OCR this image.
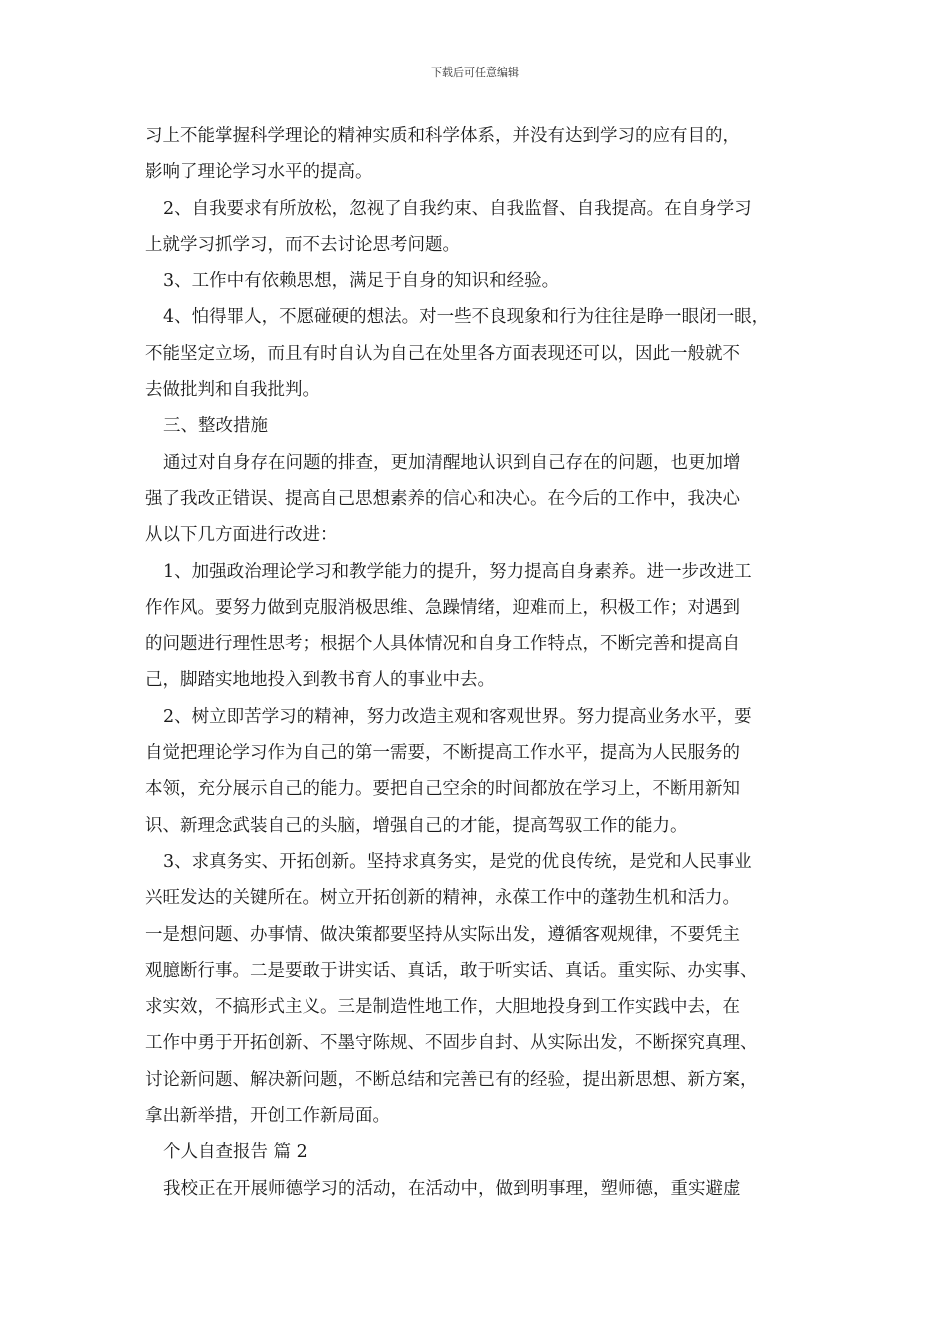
下载后可任意编辑
习上不能掌握科学理论的精神实质和科学体系，并没有达到学习的应有目的，
影响了理论学习水平的提高。
2、自我要求有所放松，忽视了自我约束、自我监督、自我提高。在自身学习
上就学习抓学习，而不去讨论思考问题。
3、工作中有依赖思想，满足于自身的知识和经验。
4、怕得罪人，不愿碰硬的想法。对一些不良现象和行为往往是睁一眼闭一眼，
不能坚定立场，而且有时自认为自己在处里各方面表现还可以，因此一般就不
去做批判和自我批判。
三、整改措施
通过对自身存在问题的排查，更加清醒地认识到自己存在的问题，也更加增
强了我改正错误、提高自己思想素养的信心和决心。在今后的工作中，我决心
从以下几方面进行改进：
1、加强政治理论学习和教学能力的提升，努力提高自身素养。进一步改进工
作作风。要努力做到克服消极思维、急躁情绪，迎难而上，积极工作；对遇到
的问题进行理性思考；根据个人具体情况和自身工作特点，不断完善和提高自
己，脚踏实地地投入到教书育人的事业中去。
2、树立即苦学习的精神，努力改造主观和客观世界。努力提高业务水平，要
自觉把理论学习作为自己的第一需要，不断提高工作水平，提高为人民服务的
本领，充分展示自己的能力。要把自己空余的时间都放在学习上，不断用新知
识、新理念武装自己的头脑，增强自己的才能，提高驾驭工作的能力。
3、求真务实、开拓创新。坚持求真务实，是党的优良传统，是党和人民事业
兴旺发达的关键所在。树立开拓创新的精神，永葆工作中的蓬勃生机和活力。
一是想问题、办事情、做决策都要坚持从实际出发，遵循客观规律，不要凭主
观臆断行事。二是要敢于讲实话、真话，敢于听实话、真话。重实际、办实事、
求实效，不搞形式主义。三是制造性地工作，大胆地投身到工作实践中去，在
工作中勇于开拓创新、不墨守陈规、不固步自封、从实际出发，不断探究真理、
讨论新问题、解决新问题，不断总结和完善已有的经验，提出新思想、新方案，
拿出新举措，开创工作新局面。
个人自查报告 篇 2
我校正在开展师德学习的活动，在活动中，做到明事理，塑师德，重实避虚
